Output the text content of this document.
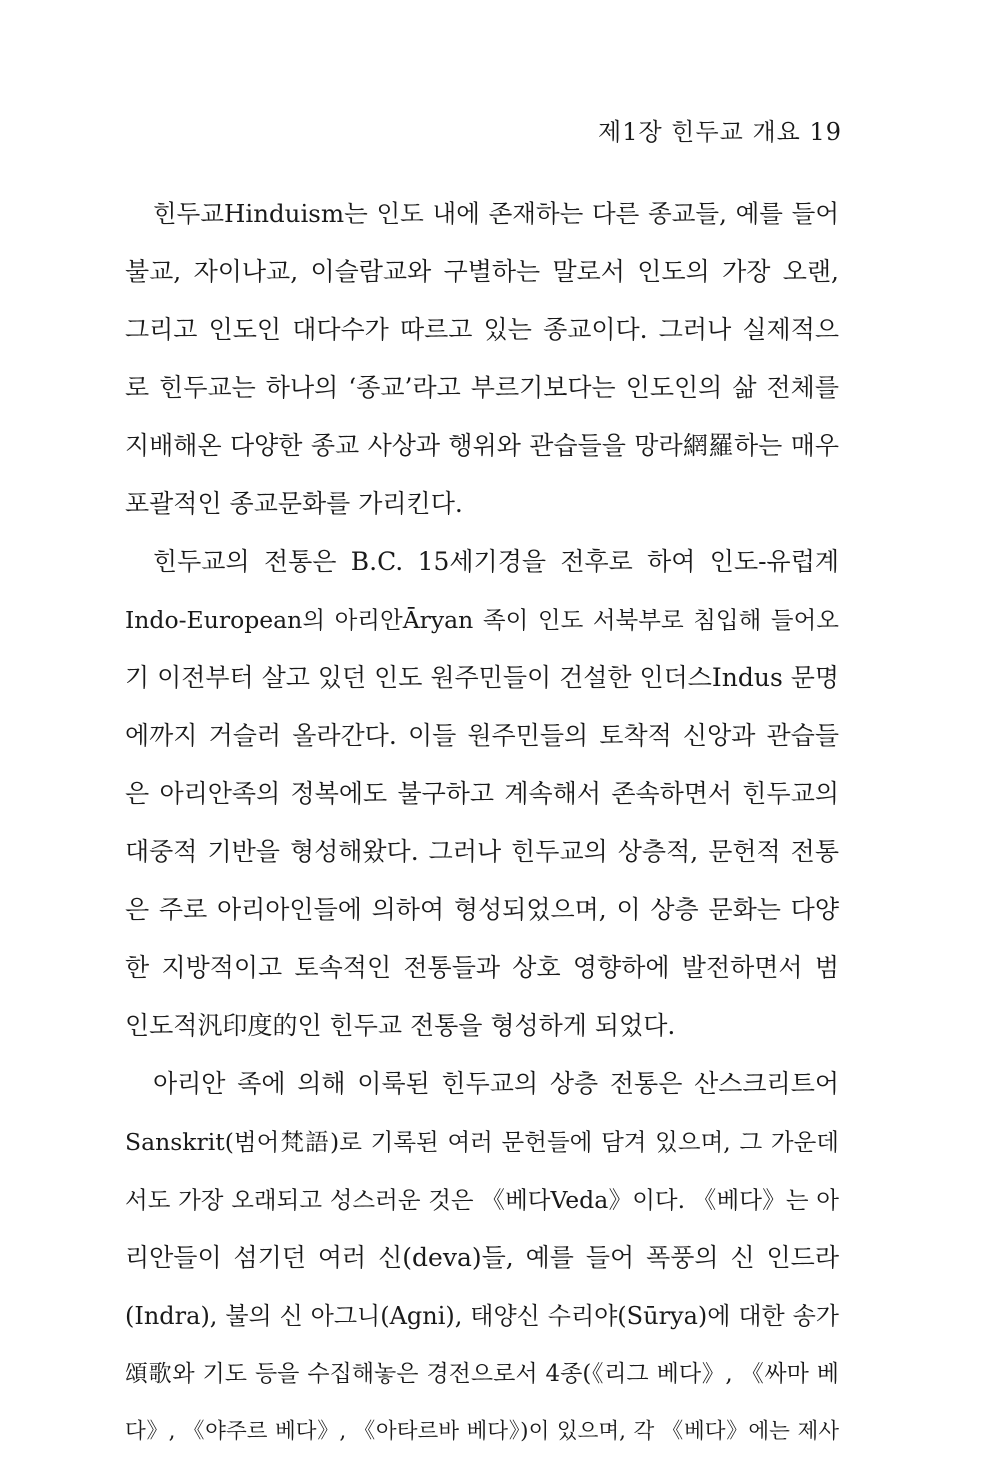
제1장 힌두교 개요 19
힌두교Hinduism는 인도 내에 존재하는 다른 종교들, 예를 들어
불교, 자이나교, 이슬람교와 구별하는 말로서 인도의 가장 오랜,
그리고 인도인 대다수가 따르고 있는 종교이다. 그러나 실제적으
로 힌두교는 하나의 ‘종교’라고 부르기보다는 인도인의 삶 전체를
지배해온 다양한 종교 사상과 행위와 관습들을 망라網羅하는 매우
포괄적인 종교문화를 가리킨다.
힌두교의 전통은 B.C. 15세기경을 전후로 하여 인도-유럽계
Indo-European의 아리안Āryan 족이 인도 서북부로 침입해 들어오
기 이전부터 살고 있던 인도 원주민들이 건설한 인더스Indus 문명
에까지 거슬러 올라간다. 이들 원주민들의 토착적 신앙과 관습들
은 아리안족의 정복에도 불구하고 계속해서 존속하면서 힌두교의
대중적 기반을 형성해왔다. 그러나 힌두교의 상층적, 문헌적 전통
은 주로 아리아인들에 의하여 형성되었으며, 이 상층 문화는 다양
한 지방적이고 토속적인 전통들과 상호 영향하에 발전하면서 범
인도적汎印度的인 힌두교 전통을 형성하게 되었다.
아리안 족에 의해 이룩된 힌두교의 상층 전통은 산스크리트어
Sanskrit(범어梵語)로 기록된 여러 문헌들에 담겨 있으며, 그 가운데
서도 가장 오래되고 성스러운 것은 《베다Veda》이다. 《베다》는 아
리안들이 섬기던 여러 신(deva)들, 예를 들어 폭풍의 신 인드라
(Indra), 불의 신 아그니(Agni), 태양신 수리야(Sūrya)에 대한 송가
頌歌와 기도 등을 수집해놓은 경전으로서 4종(《리그 베다》, 《싸마 베
다》, 《야주르 베다》, 《아타르바 베다》)이 있으며, 각 《베다》에는 제사
